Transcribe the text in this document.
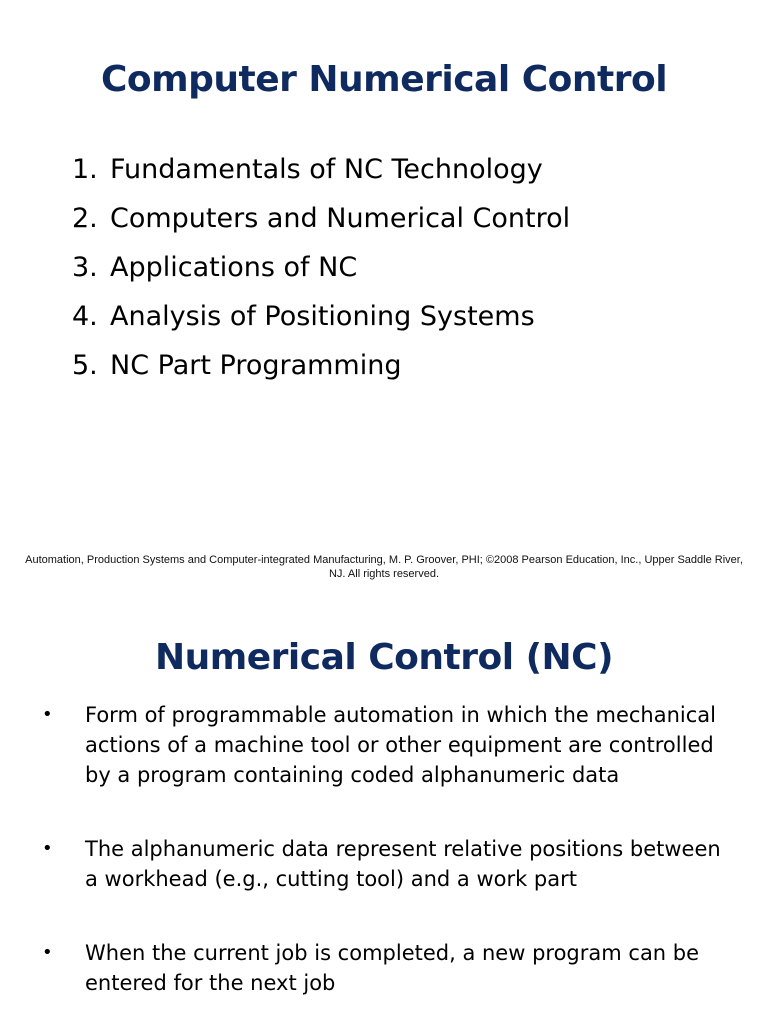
Computer Numerical Control
1. Fundamentals of NC Technology
2. Computers and Numerical Control
3. Applications of NC
4. Analysis of Positioning Systems
5. NC Part Programming

Automation, Production Systems and Computer-integrated Manufacturing, M. P. Groover, PHI; ©2008 Pearson Education, Inc., Upper Saddle River, NJ. All rights reserved.

Numerical Control (NC)
• Form of programmable automation in which the mechanical actions of a machine tool or other equipment are controlled by a program containing coded alphanumeric data
• The alphanumeric data represent relative positions between a workhead (e.g., cutting tool) and a work part
• When the current job is completed, a new program can be entered for the next job
